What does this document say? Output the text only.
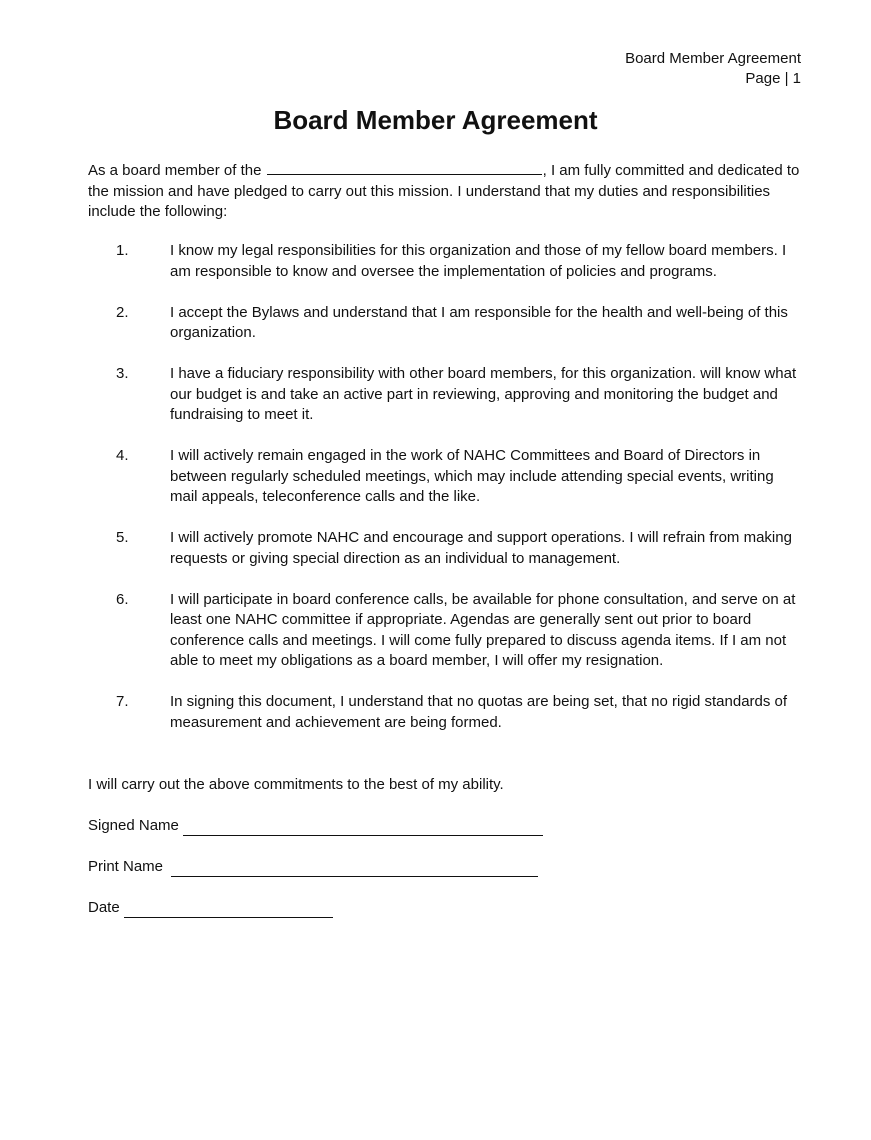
Board Member Agreement
Page | 1
Board Member Agreement

As a board member of the	, I am fully committed and dedicated to the mission and have pledged to carry out this mission. I understand that my duties and responsibilities include the following:

1.	I know my legal responsibilities for this organization and those of my fellow board members. I am responsible to know and oversee the implementation of policies and programs.
2.	I accept the Bylaws and understand that I am responsible for the health and well-being of this organization.
3.	I have a fiduciary responsibility with other board members, for this organization. will know what our budget is and take an active part in reviewing, approving and monitoring the budget and fundraising to meet it.
4.	I will actively remain engaged in the work of NAHC Committees and Board of Directors in between regularly scheduled meetings, which may include attending special events, writing mail appeals, teleconference calls and the like.
5.	I will actively promote NAHC and encourage and support operations. I will refrain from making requests or giving special direction as an individual to management.
6.	I will participate in board conference calls, be available for phone consultation, and serve on at least one NAHC committee if appropriate. Agendas are generally sent out prior to board conference calls and meetings. I will come fully prepared to discuss agenda items. If I am not able to meet my obligations as a board member, I will offer my resignation.
7.	In signing this document, I understand that no quotas are being set, that no rigid standards of measurement and achievement are being formed.

I will carry out the above commitments to the best of my ability.

Signed Name
Print Name
Date
